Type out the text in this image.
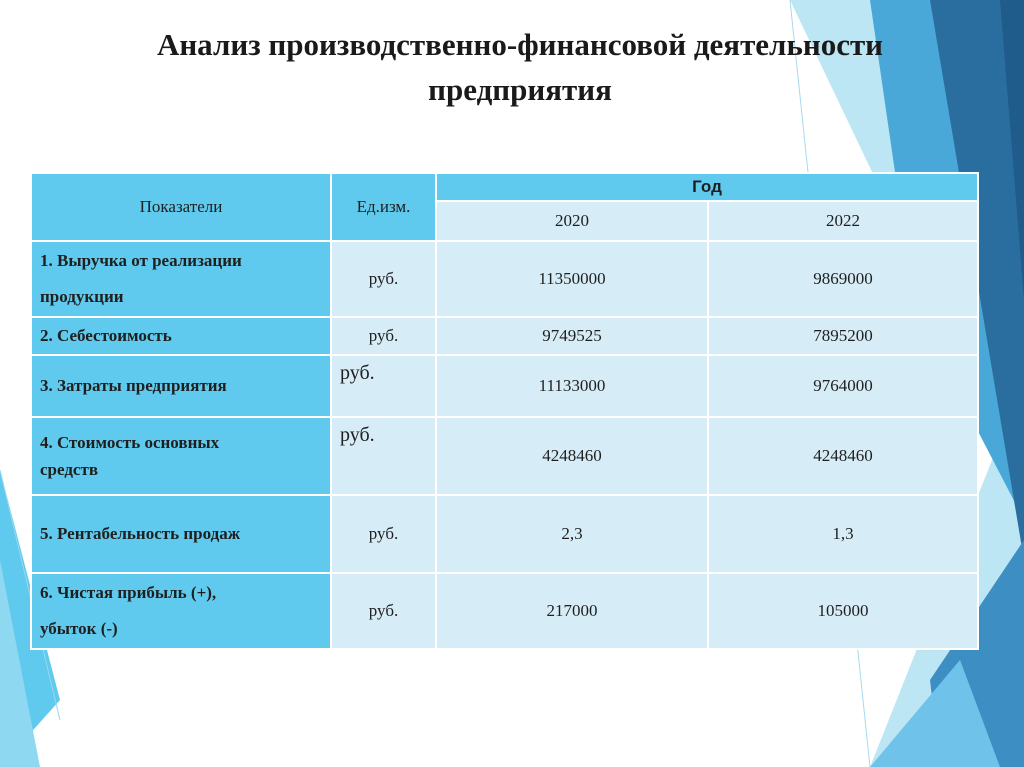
Анализ производственно-финансовой деятельности
предприятия
Показатели	Ед.изм.	Год	
		2020	2022

1. Выручка от реализации
продукции	руб.	11350000	9869000
2. Себестоимость	руб.	9749525	7895200
3. Затраты предприятия	руб.	11133000	9764000

4. Стоимость основных
средств	руб.	4248460	4248460
5. Рентабельность продаж	руб.	2,3	1,3

6. Чистая прибыль (+),
убыток (-)	руб.	217000	105000
